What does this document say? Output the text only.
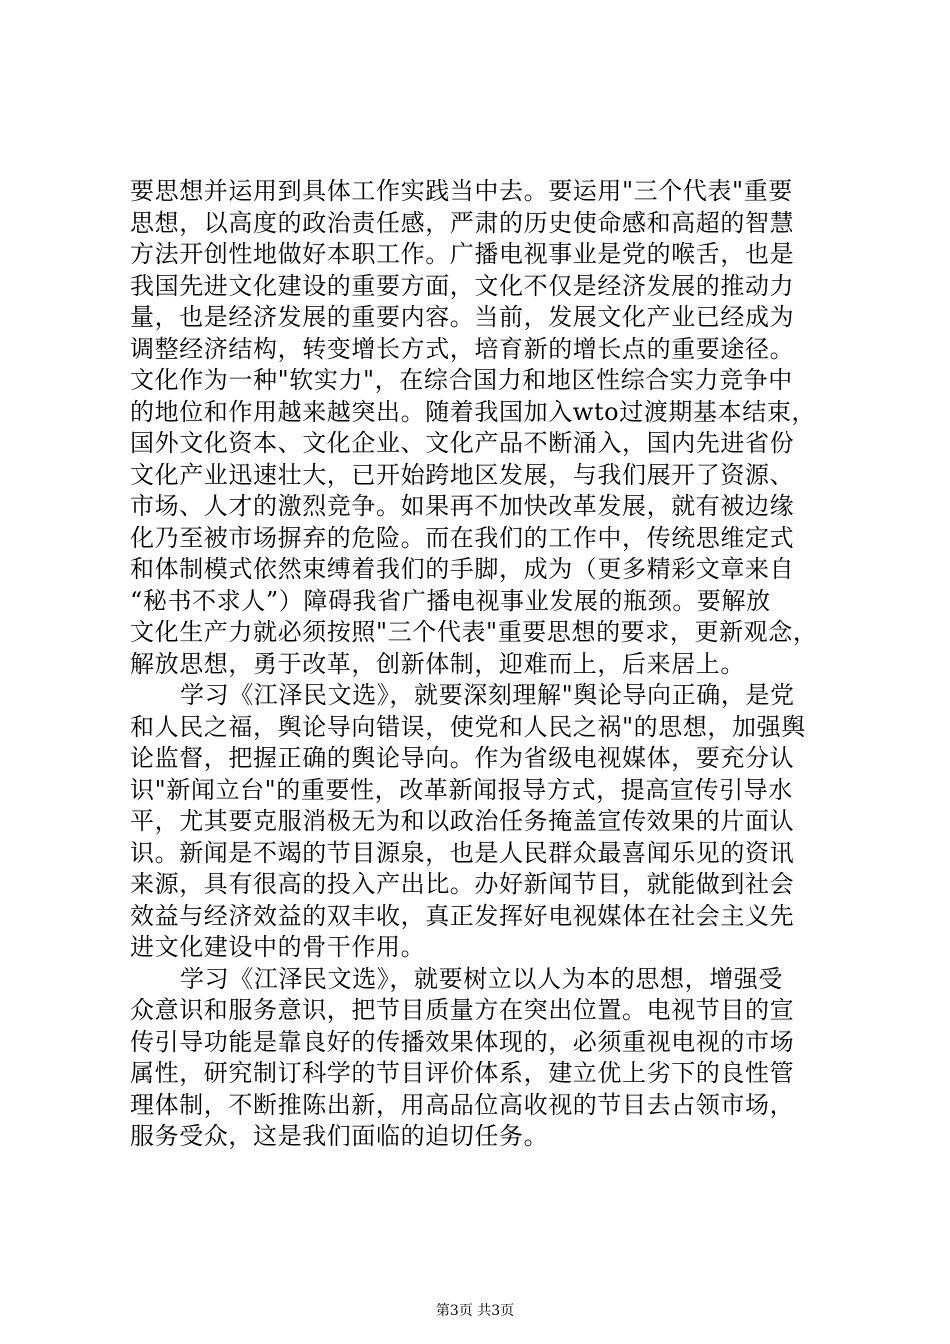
要思想并运用到具体工作实践当中去。要运用"三个代表"重要
思想，以高度的政治责任感，严肃的历史使命感和高超的智慧
方法开创性地做好本职工作。广播电视事业是党的喉舌，也是
我国先进文化建设的重要方面，文化不仅是经济发展的推动力
量，也是经济发展的重要内容。当前，发展文化产业已经成为
调整经济结构，转变增长方式，培育新的增长点的重要途径。
文化作为一种"软实力"，在综合国力和地区性综合实力竞争中
的地位和作用越来越突出。随着我国加入wto过渡期基本结束，
国外文化资本、文化企业、文化产品不断涌入，国内先进省份
文化产业迅速壮大，已开始跨地区发展，与我们展开了资源、
市场、人才的激烈竞争。如果再不加快改革发展，就有被边缘
化乃至被市场摒弃的危险。而在我们的工作中，传统思维定式
和体制模式依然束缚着我们的手脚，成为（更多精彩文章来自
“秘书不求人”）障碍我省广播电视事业发展的瓶颈。要解放
文化生产力就必须按照"三个代表"重要思想的要求，更新观念，
解放思想，勇于改革，创新体制，迎难而上，后来居上。

学习《江泽民文选》，就要深刻理解"舆论导向正确，是党
和人民之福，舆论导向错误，使党和人民之祸"的思想，加强舆
论监督，把握正确的舆论导向。作为省级电视媒体，要充分认
识"新闻立台"的重要性，改革新闻报导方式，提高宣传引导水
平，尤其要克服消极无为和以政治任务掩盖宣传效果的片面认
识。新闻是不竭的节目源泉，也是人民群众最喜闻乐见的资讯
来源，具有很高的投入产出比。办好新闻节目，就能做到社会
效益与经济效益的双丰收，真正发挥好电视媒体在社会主义先
进文化建设中的骨干作用。

学习《江泽民文选》，就要树立以人为本的思想，增强受
众意识和服务意识，把节目质量方在突出位置。电视节目的宣
传引导功能是靠良好的传播效果体现的，必须重视电视的市场
属性，研究制订科学的节目评价体系，建立优上劣下的良性管
理体制，不断推陈出新，用高品位高收视的节目去占领市场，
服务受众，这是我们面临的迫切任务。

第3页 共3页
